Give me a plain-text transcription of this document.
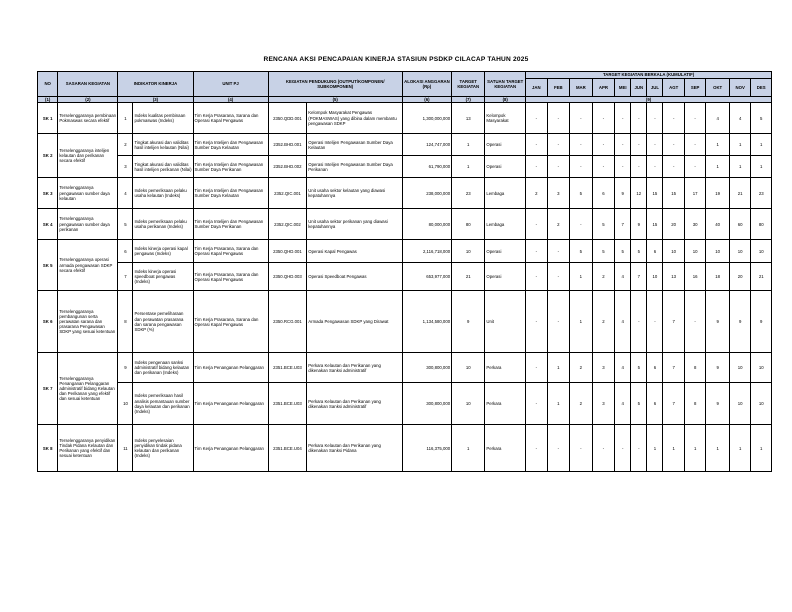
RENCANA AKSI PENCAPAIAN KINERJA STASIUN PSDKP CILACAP TAHUN 2025
NO	SASARAN KEGIATAN	INDIKATOR KINERJA		UNIT PJ	KEGIATAN PENDUKUNG (OUTPUT/KOMPONEN/ SUBKOMPONEN)		ALOKASI ANGGARAN (Rp)	TARGET KEGIATAN	SATUAN TARGET KEGIATAN	TARGET KEGIATAN BERKALA (KUMULATIF)											
										JAN	FEB	MAR	APR	MEI	JUN	JUL	AGT	SEP	OKT	NOV	DES
(1)	(2)	(3)		(4)	(5)		(6)	(7)	(8)	(9)											
SK 1	Terselenggaranya pembinaan Pokmaswas secara efektif	1	Indeks kualitas pembinaan pokmaswas (Indeks)	Tim Kerja Prasarana, Sarana dan Operasi Kapal Pengawas	2350.QDD.001	Kelompok Masyarakat Pengawas (POKMASWAS) yang dibina dalam membantu pengawasan SDKP	1,300,000,000	13	Kelompok Masyarakat	-	-	-	-	-	-	-	-	-	4	4	5
SK 2	Terselenggaranya intelijen kelautan dan perikanan secara efektif	2	Tingkat akurasi dan validitas hasil intelijen kelautan (Nilai)	Tim Kerja Intelijen dan Pengawasan Sumber Daya Kelautan	2352.BHD.001	Operasi Intelijen Pengawasan Sumber Daya Kelautan	124,747,000	1	Operasi	-	-	-	-	-	-	-	-	-	1	1	1
		3	Tingkat akurasi dan validitas hasil intelijen perikanan (Nilai)	Tim Kerja Intelijen dan Pengawasan Sumber Daya Perikanan	2352.BHD.002	Operasi Intelijen Pengawasan Sumber Daya Perikanan	61,790,000	1	Operasi	-	-	-	-	-	-	-	-	-	1	1	1
SK 3	Terselenggaranya pengawasan sumber daya kelautan	4	Indeks pemeriksaan pelaku usaha kelautan (Indeks)	Tim Kerja Intelijen dan Pengawasan Sumber Daya Kelautan	2352.QIC.001	Unit usaha sektor kelautan yang diawasi kepatuhannya	238,000,000	23	Lembaga	2	3	5	6	9	12	15	15	17	19	21	23
SK 4	Terselenggaranya pengawasan sumber daya perikanan	5	Indeks pemeriksaan pelaku usaha perikanan (Indeks)	Tim Kerja Intelijen dan Pengawasan Sumber Daya Perikanan	2352.QIC.002	Unit usaha sektor perikanan yang diawasi kepatuhannya	80,000,000	80	Lembaga	-	2	-	5	7	9	15	20	30	40	60	80
SK 5	Terselenggaranya operasi armada pengawasan SDKP secara efektif	6	Indeks kinerja operasi kapal pengawas (Indeks)	Tim Kerja Prasarana, Sarana dan Operasi Kapal Pengawas	2350.QHD.001	Operasi Kapal Pengawas	2,116,718,000	10	Operasi	-	-	5	5	5	5	6	10	10	10	10	10
		7	Indeks kinerja operasi speedboat pengawas (Indeks)	Tim Kerja Prasarana, Sarana dan Operasi Kapal Pengawas	2350.QHD.003	Operasi Speedboat Pengawas	653,977,000	21	Operasi	-	-	1	2	4	7	10	13	16	18	20	21
SK 6	Terselenggaranya pembangunan serta perawatan sarana dan prasarana Pengawasan SDKP yang sesuai ketentuan	8	Persentase pemeliharaan dan perawatan prasarana dan sarana pengawasan SDKP (%)	Tim Kerja Prasarana, Sarana dan Operasi Kapal Pengawas	2350.RCG.001	Armada Pengawasan SDKP yang Dirawat	1,134,580,000	9	Unit	-	-	1	2	4	-	-	7	-	9	9	9
SK 7	Terselenggaranya Penanganan Pelanggaran administratif bidang Kelautan dan Perikanan yang efektif dan sesuai ketentuan	9	Indeks pengenaan sanksi administratif bidang kelautan dan perikanan (Indeks)	Tim Kerja Penanganan Pelanggaran	2351.BCE.U03	Perkara Kelautan dan Perikanan yang dikenakan Sanksi administratif	300,800,000	10	Perkara	-	1	2	3	4	5	6	7	8	9	10	10
		10	Indeks pemeriksaan hasil analisis pemantauan sumber daya kelautan dan perikanan (Indeks)	Tim Kerja Penanganan Pelanggaran	2351.BCE.U03	Perkara Kelautan dan Perikanan yang dikenakan Sanksi administratif	300,800,000	10	Perkara	-	1	2	3	4	5	6	7	8	9	10	10
SK 8	Terselenggaranya penyidikan Tindak Pidana Kelautan dan Perikanan yang efektif dan sesuai ketentuan	11	Indeks penyelesaian penyidikan tindak pidana kelautan dan perikanan (Indeks)	Tim Kerja Penanganan Pelanggaran	2351.BCE.U04	Perkara Kelautan dan Perikanan yang dikenakan Sanksi Pidana	116,375,000	1	Perkara	-	-	-	-	-	-	1	1	1	1	1	1
